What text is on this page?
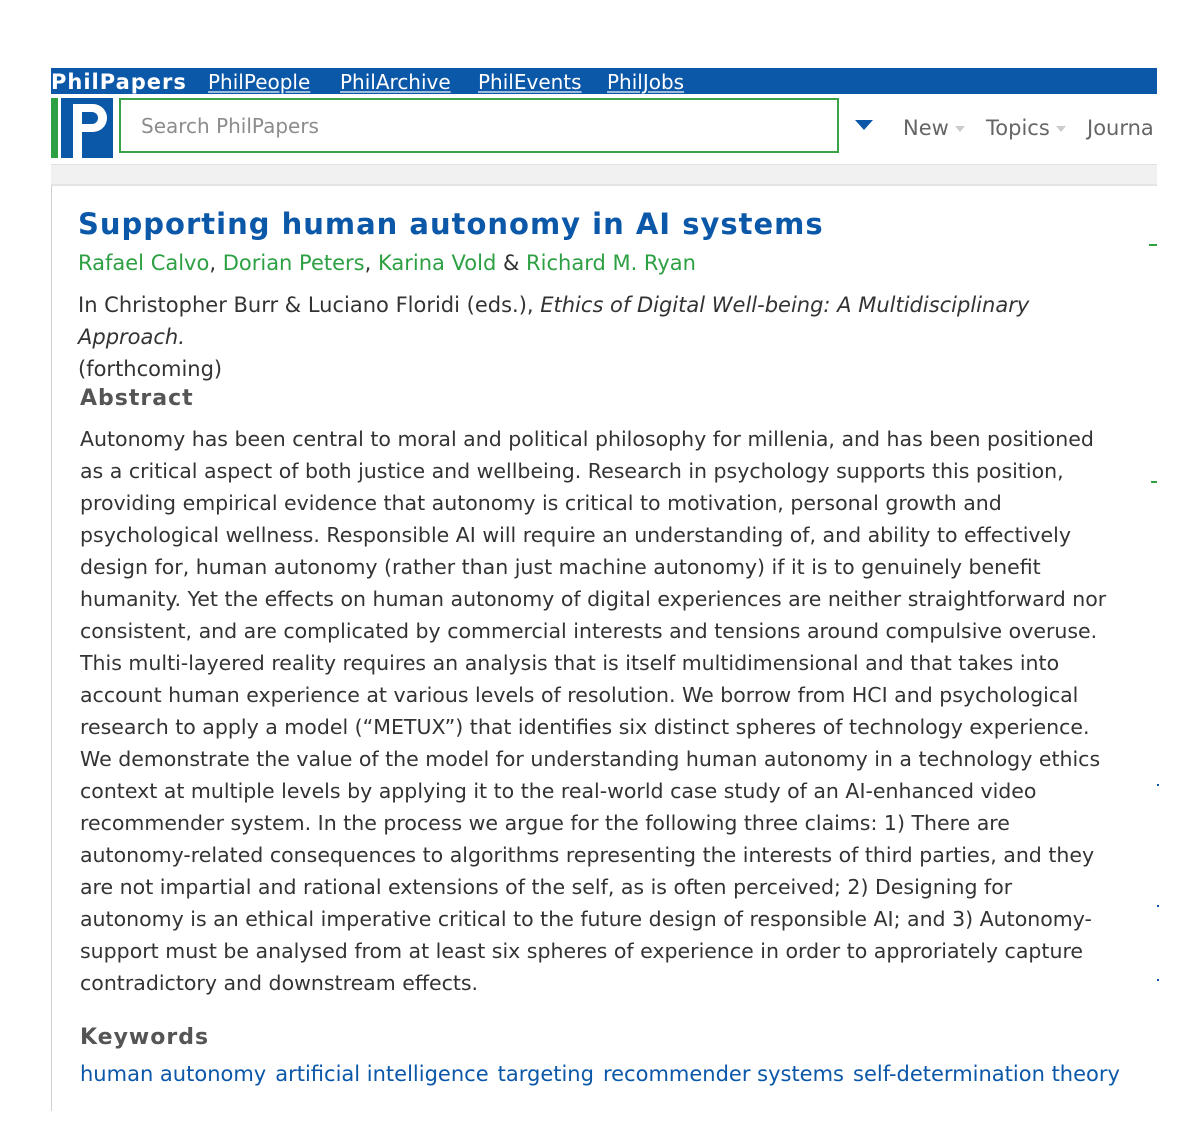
PhilPapers PhilPeople PhilArchive PhilEvents PhilJobs
Search PhilPapers
New	Topics	Journa
Supporting human autonomy in AI systems
Rafael Calvo, Dorian Peters, Karina Vold & Richard M. Ryan
In Christopher Burr & Luciano Floridi (eds.), Ethics of Digital Well-being: A Multidisciplinary Approach.
(forthcoming)
Abstract
Autonomy has been central to moral and political philosophy for millenia, and has been positioned
as a critical aspect of both justice and wellbeing. Research in psychology supports this position,
providing empirical evidence that autonomy is critical to motivation, personal growth and
psychological wellness. Responsible AI will require an understanding of, and ability to effectively
design for, human autonomy (rather than just machine autonomy) if it is to genuinely benefit
humanity. Yet the effects on human autonomy of digital experiences are neither straightforward nor
consistent, and are complicated by commercial interests and tensions around compulsive overuse.
This multi-layered reality requires an analysis that is itself multidimensional and that takes into
account human experience at various levels of resolution. We borrow from HCI and psychological
research to apply a model (“METUX”) that identifies six distinct spheres of technology experience.
We demonstrate the value of the model for understanding human autonomy in a technology ethics
context at multiple levels by applying it to the real-world case study of an AI-enhanced video
recommender system. In the process we argue for the following three claims: 1) There are
autonomy-related consequences to algorithms representing the interests of third parties, and they
are not impartial and rational extensions of the self, as is often perceived; 2) Designing for
autonomy is an ethical imperative critical to the future design of responsible AI; and 3) Autonomy-
support must be analysed from at least six spheres of experience in order to approriately capture
contradictory and downstream effects.
Keywords
human autonomy artificial intelligence targeting recommender systems self-determination theory
